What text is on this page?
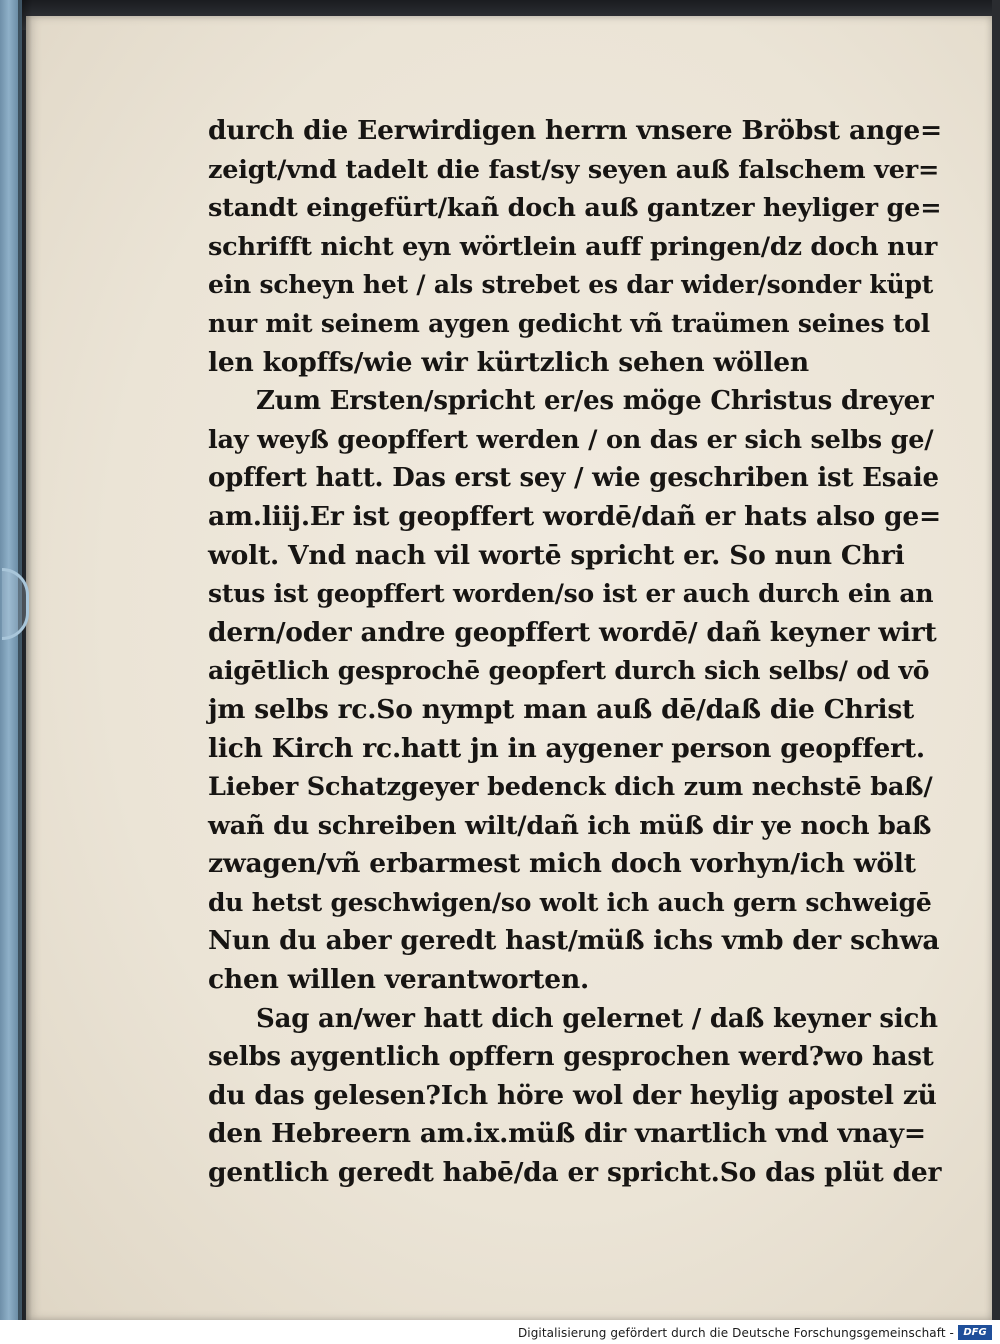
durch die Eerwirdigen herrn vnsere Bröbst ange=
zeigt/vnd tadelt die fast/sy seyen auß falschem ver=
standt eingefürt/kañ doch auß gantzer heyliger ge=
schrifft nicht eyn wörtlein auff pringen/dz doch nur
ein scheyn het / als strebet es dar wider/sonder küpt
nur mit seinem aygen gedicht vñ traümen seines tol
len kopffs/wie wir kürtzlich sehen wöllen
Zum Ersten/spricht er/es möge Christus dreyer
lay weyß geopffert werden / on das er sich selbs ge/
opffert hatt. Das erst sey / wie geschriben ist Esaie
am.liij.Er ist geopffert wordē/dañ er hats also ge=
wolt. Vnd nach vil wortē spricht er. So nun Chri
stus ist geopffert worden/so ist er auch durch ein an
dern/oder andre geopffert wordē/ dañ keyner wirt
aigētlich gesprochē geopfert durch sich selbs/ od vō
jm selbs rc.So nympt man auß dē/daß die Christ
lich Kirch rc.hatt jn in aygener person geopffert.
Lieber Schatzgeyer bedenck dich zum nechstē baß/
wañ du schreiben wilt/dañ ich müß dir ye noch baß
zwagen/vñ erbarmest mich doch vorhyn/ich wölt
du hetst geschwigen/so wolt ich auch gern schweigē
Nun du aber geredt hast/müß ichs vmb der schwa
chen willen verantworten.
Sag an/wer hatt dich gelernet / daß keyner sich
selbs aygentlich opffern gesprochen werd?wo hast
du das gelesen?Ich höre wol der heylig apostel zü
den Hebreern am.ix.müß dir vnartlich vnd vnay=
gentlich geredt habē/da er spricht.So das plüt der
Digitalisierung gefördert durch die Deutsche Forschungsgemeinschaft - DFG
